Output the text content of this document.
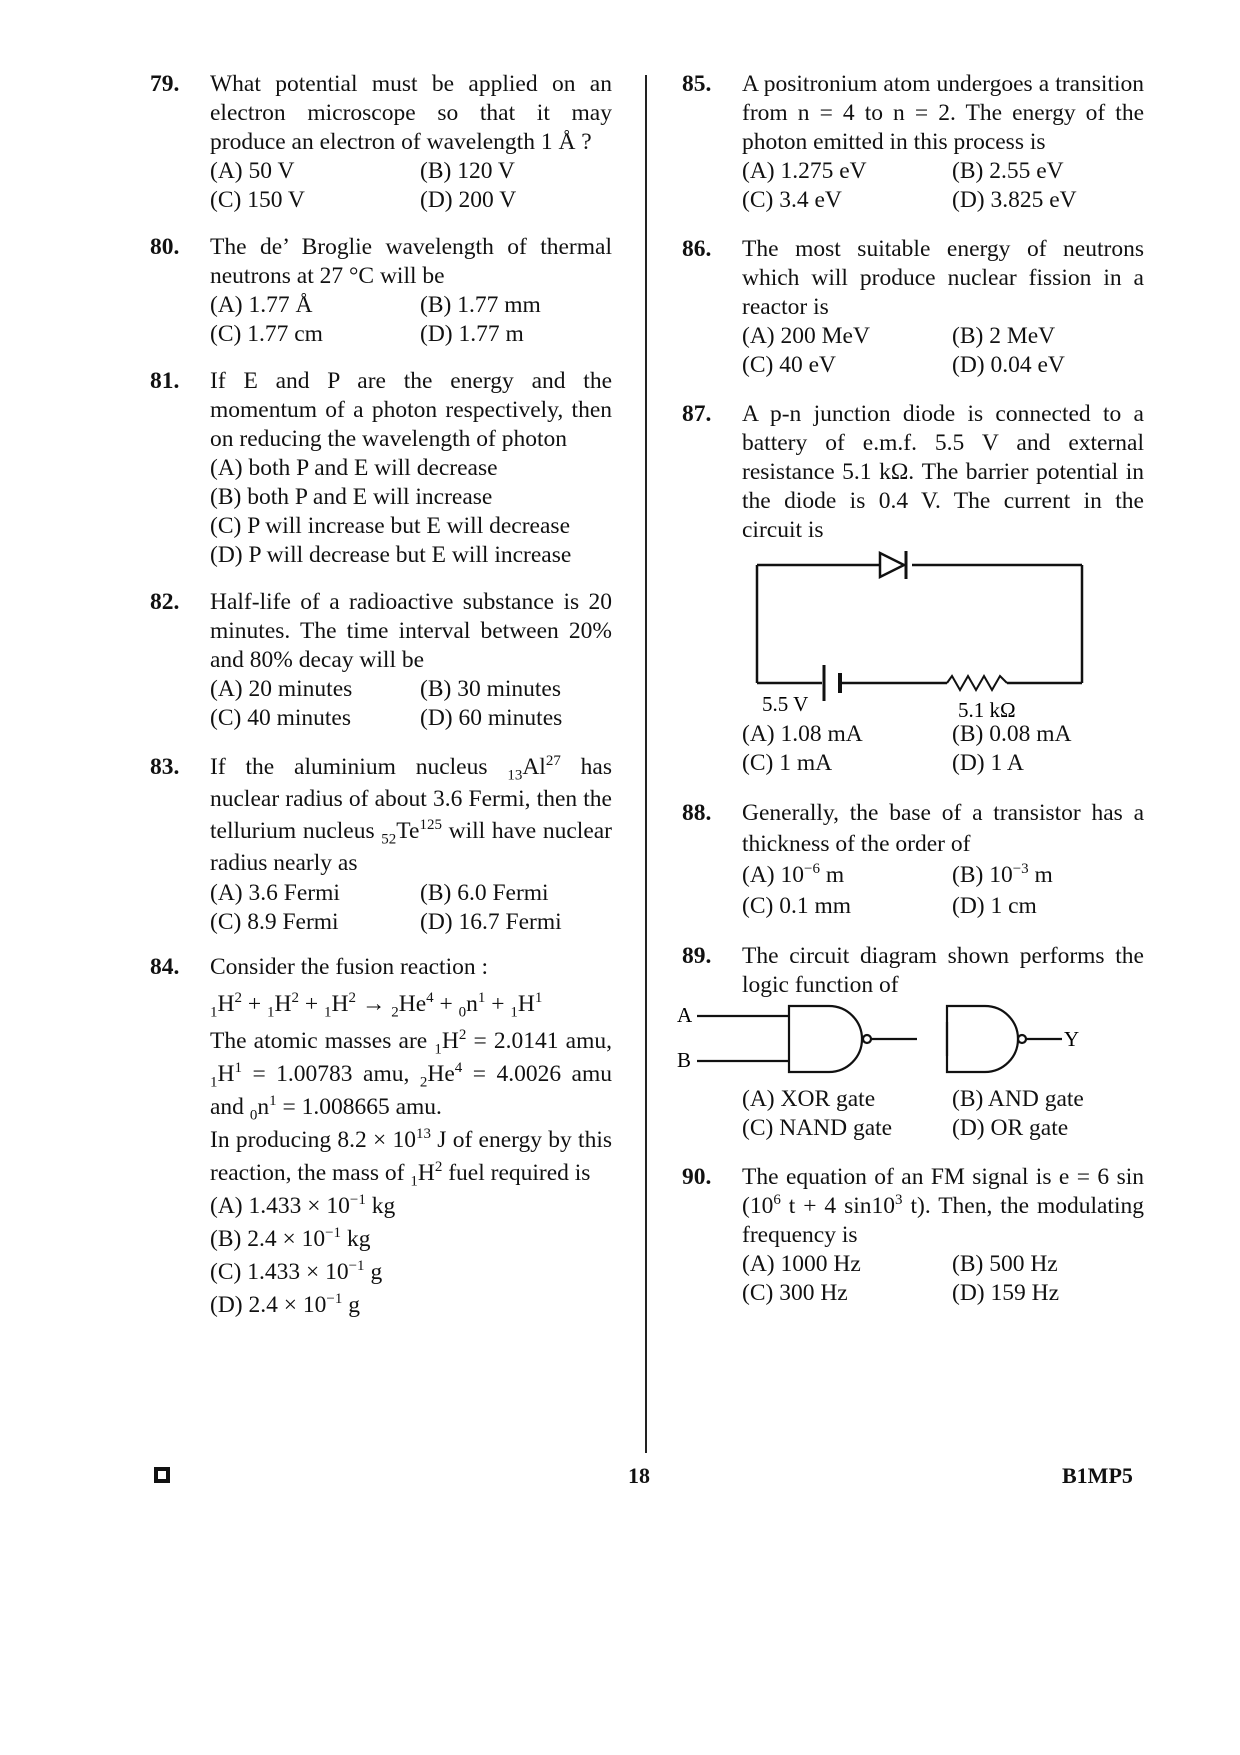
79. What potential must be applied on an electron microscope so that it may produce an electron of wavelength 1 Å ?
(A) 50 V	(B) 120 V
(C) 150 V	(D) 200 V
80. The de’ Broglie wavelength of thermal neutrons at 27 °C will be
(A) 1.77 Å	(B) 1.77 mm
(C) 1.77 cm	(D) 1.77 m
81. If E and P are the energy and the momentum of a photon respectively, then on reducing the wavelength of photon
(A) both P and E will decrease
(B) both P and E will increase
(C) P will increase but E will decrease
(D) P will decrease but E will increase
82. Half-life of a radioactive substance is 20 minutes. The time interval between 20% and 80% decay will be
(A) 20 minutes	(B) 30 minutes
(C) 40 minutes	(D) 60 minutes
83. If the aluminium nucleus $_{13}Al^{27}$ has nuclear radius of about 3.6 Fermi, then the tellurium nucleus $_{52}Te^{125}$ will have nuclear radius nearly as
(A) 3.6 Fermi	(B) 6.0 Fermi
(C) 8.9 Fermi	(D) 16.7 Fermi
84. Consider the fusion reaction :
$_1H^2 + _1H^2 + _1H^2 \to _2He^4 + _0n^1 + _1H^1$
The atomic masses are $_1H^2 = 2.0141$ amu, $_1H^1 = 1.00783$ amu, $_2He^4 = 4.0026$ amu and $_0n^1 = 1.008665$ amu.
In producing $8.2 \times 10^{13}$ J of energy by this reaction, the mass of $_1H^2$ fuel required is
(A) $1.433 \times 10^{-1}$ kg
(B) $2.4 \times 10^{-1}$ kg
(C) $1.433 \times 10^{-1}$ g
(D) $2.4 \times 10^{-1}$ g
85. A positronium atom undergoes a transition from n = 4 to n = 2. The energy of the photon emitted in this process is
(A) 1.275 eV	(B) 2.55 eV
(C) 3.4 eV	(D) 3.825 eV
86. The most suitable energy of neutrons which will produce nuclear fission in a reactor is
(A) 200 MeV	(B) 2 MeV
(C) 40 eV	(D) 0.04 eV
87. A p-n junction diode is connected to a battery of e.m.f. 5.5 V and external resistance 5.1 kΩ. The barrier potential in the diode is 0.4 V. The current in the circuit is
5.5 V	5.1 kΩ
(A) 1.08 mA	(B) 0.08 mA
(C) 1 mA	(D) 1 A
88. Generally, the base of a transistor has a thickness of the order of
(A) $10^{-6}$ m	(B) $10^{-3}$ m
(C) 0.1 mm	(D) 1 cm
89. The circuit diagram shown performs the logic function of
A
B
Y
(A) XOR gate	(B) AND gate
(C) NAND gate	(D) OR gate
90. The equation of an FM signal is e = 6 $\sin (10^6$ t + 4 $\sin 10^3$ t). Then, the modulating frequency is
(A) 1000 Hz	(B) 500 Hz
(C) 300 Hz	(D) 159 Hz
18	B1MP5
